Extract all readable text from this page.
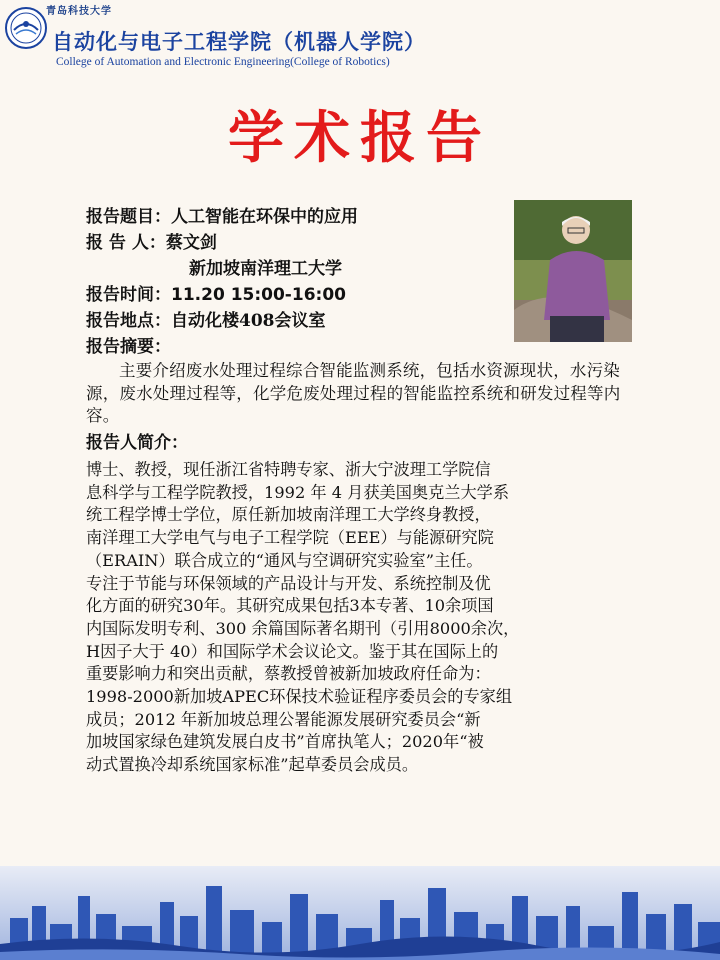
青岛科技大学
自动化与电子工程学院（机器人学院）
College of Automation and Electronic Engineering(College of Robotics)
学术报告
报告题目：人工智能在环保中的应用
报 告 人：蔡文剑
新加坡南洋理工大学
报告时间：11.20 15:00-16:00
报告地点：自动化楼408会议室
报告摘要：
主要介绍废水处理过程综合智能监测系统，包括水资源现状，水污染源，废水处理过程等，化学危废处理过程的智能监控系统和研发过程等内容。
报告人简介：
博士、教授，现任浙江省特聘专家、浙大宁波理工学院信
息科学与工程学院教授，1992 年 4 月获美国奥克兰大学系
统工程学博士学位，原任新加坡南洋理工大学终身教授，
南洋理工大学电气与电子工程学院（EEE）与能源研究院
（ERAIN）联合成立的“通风与空调研究实验室”主任。
专注于节能与环保领域的产品设计与开发、系统控制及优
化方面的研究30年。其研究成果包括3本专著、10余项国
内国际发明专利、300 余篇国际著名期刊（引用8000余次，
H因子大于 40）和国际学术会议论文。鉴于其在国际上的
重要影响力和突出贡献，蔡教授曾被新加坡政府任命为：
1998-2000新加坡APEC环保技术验证程序委员会的专家组
成员；2012 年新加坡总理公署能源发展研究委员会“新
加坡国家绿色建筑发展白皮书”首席执笔人；2020年“被
动式置换冷却系统国家标准”起草委员会成员。
